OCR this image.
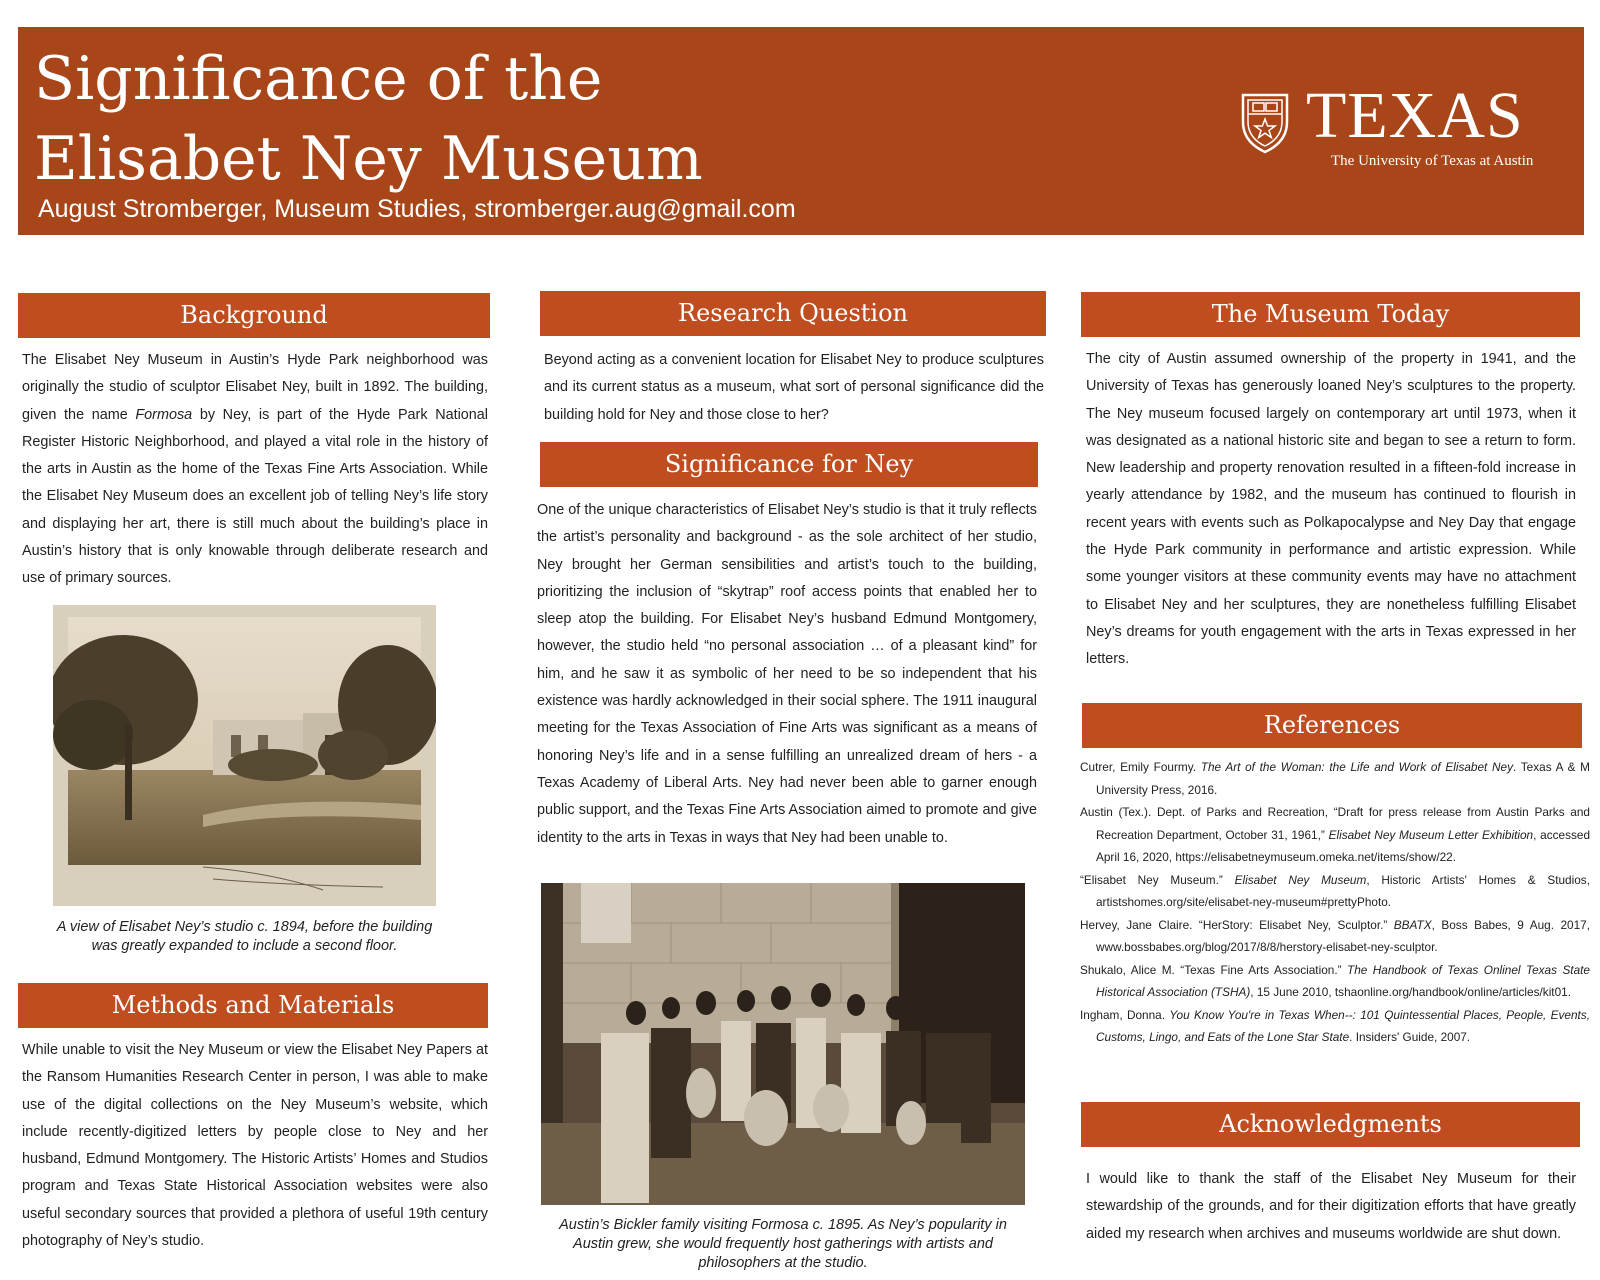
Significance of the
Elisabet Ney Museum
August Stromberger, Museum Studies, stromberger.aug@gmail.com
TEXAS
The University of Texas at Austin
Background
The Elisabet Ney Museum in Austin’s Hyde Park neighborhood was originally the studio of sculptor Elisabet Ney, built in 1892. The building, given the name Formosa by Ney, is part of the Hyde Park National Register Historic Neighborhood, and played a vital role in the history of the arts in Austin as the home of the Texas Fine Arts Association. While the Elisabet Ney Museum does an excellent job of telling Ney’s life story and displaying her art, there is still much about the building’s place in Austin’s history that is only knowable through deliberate research and use of primary sources.
A view of Elisabet Ney’s studio c. 1894, before the building was greatly expanded to include a second floor.
Methods and Materials
While unable to visit the Ney Museum or view the Elisabet Ney Papers at the Ransom Humanities Research Center in person, I was able to make use of the digital collections on the Ney Museum’s website, which include recently-digitized letters by people close to Ney and her husband, Edmund Montgomery. The Historic Artists’ Homes and Studios program and Texas State Historical Association websites were also useful secondary sources that provided a plethora of useful 19th century photography of Ney’s studio.
Research Question
Beyond acting as a convenient location for Elisabet Ney to produce sculptures and its current status as a museum, what sort of personal significance did the building hold for Ney and those close to her?
Significance for Ney
One of the unique characteristics of Elisabet Ney’s studio is that it truly reflects the artist’s personality and background - as the sole architect of her studio, Ney brought her German sensibilities and artist’s touch to the building, prioritizing the inclusion of “skytrap” roof access points that enabled her to sleep atop the building. For Elisabet Ney’s husband Edmund Montgomery, however, the studio held “no personal association … of a pleasant kind” for him, and he saw it as symbolic of her need to be so independent that his existence was hardly acknowledged in their social sphere. The 1911 inaugural meeting for the Texas Association of Fine Arts was significant as a means of honoring Ney’s life and in a sense fulfilling an unrealized dream of hers - a Texas Academy of Liberal Arts. Ney had never been able to garner enough public support, and the Texas Fine Arts Association aimed to promote and give identity to the arts in Texas in ways that Ney had been unable to.
Austin’s Bickler family visiting Formosa c. 1895. As Ney’s popularity in Austin grew, she would frequently host gatherings with artists and philosophers at the studio.
The Museum Today
The city of Austin assumed ownership of the property in 1941, and the University of Texas has generously loaned Ney’s sculptures to the property. The Ney museum focused largely on contemporary art until 1973, when it was designated as a national historic site and began to see a return to form. New leadership and property renovation resulted in a fifteen-fold increase in yearly attendance by 1982, and the museum has continued to flourish in recent years with events such as Polkapocalypse and Ney Day that engage the Hyde Park community in performance and artistic expression. While some younger visitors at these community events may have no attachment to Elisabet Ney and her sculptures, they are nonetheless fulfilling Elisabet Ney’s dreams for youth engagement with the arts in Texas expressed in her letters.
References

Cutrer, Emily Fourmy. The Art of the Woman: the Life and Work of Elisabet Ney. Texas A & M University Press, 2016.

Austin (Tex.). Dept. of Parks and Recreation, “Draft for press release from Austin Parks and Recreation Department, October 31, 1961,” Elisabet Ney Museum Letter Exhibition, accessed April 16, 2020, https://elisabetneymuseum.omeka.net/items/show/22.

“Elisabet Ney Museum.” Elisabet Ney Museum, Historic Artists' Homes & Studios, artistshomes.org/site/elisabet-ney-museum#prettyPhoto.

Hervey, Jane Claire. “HerStory: Elisabet Ney, Sculptor.” BBATX, Boss Babes, 9 Aug. 2017, www.bossbabes.org/blog/2017/8/8/herstory-elisabet-ney-sculptor.

Shukalo, Alice M. “Texas Fine Arts Association.” The Handbook of Texas Onlinel Texas State Historical Association (TSHA), 15 June 2010, tshaonline.org/handbook/online/articles/kit01.

Ingham, Donna. You Know You're in Texas When--: 101 Quintessential Places, People, Events, Customs, Lingo, and Eats of the Lone Star State. Insiders' Guide, 2007.

Acknowledgments
I would like to thank the staff of the Elisabet Ney Museum for their stewardship of the grounds, and for their digitization efforts that have greatly aided my research when archives and museums worldwide are shut down.
